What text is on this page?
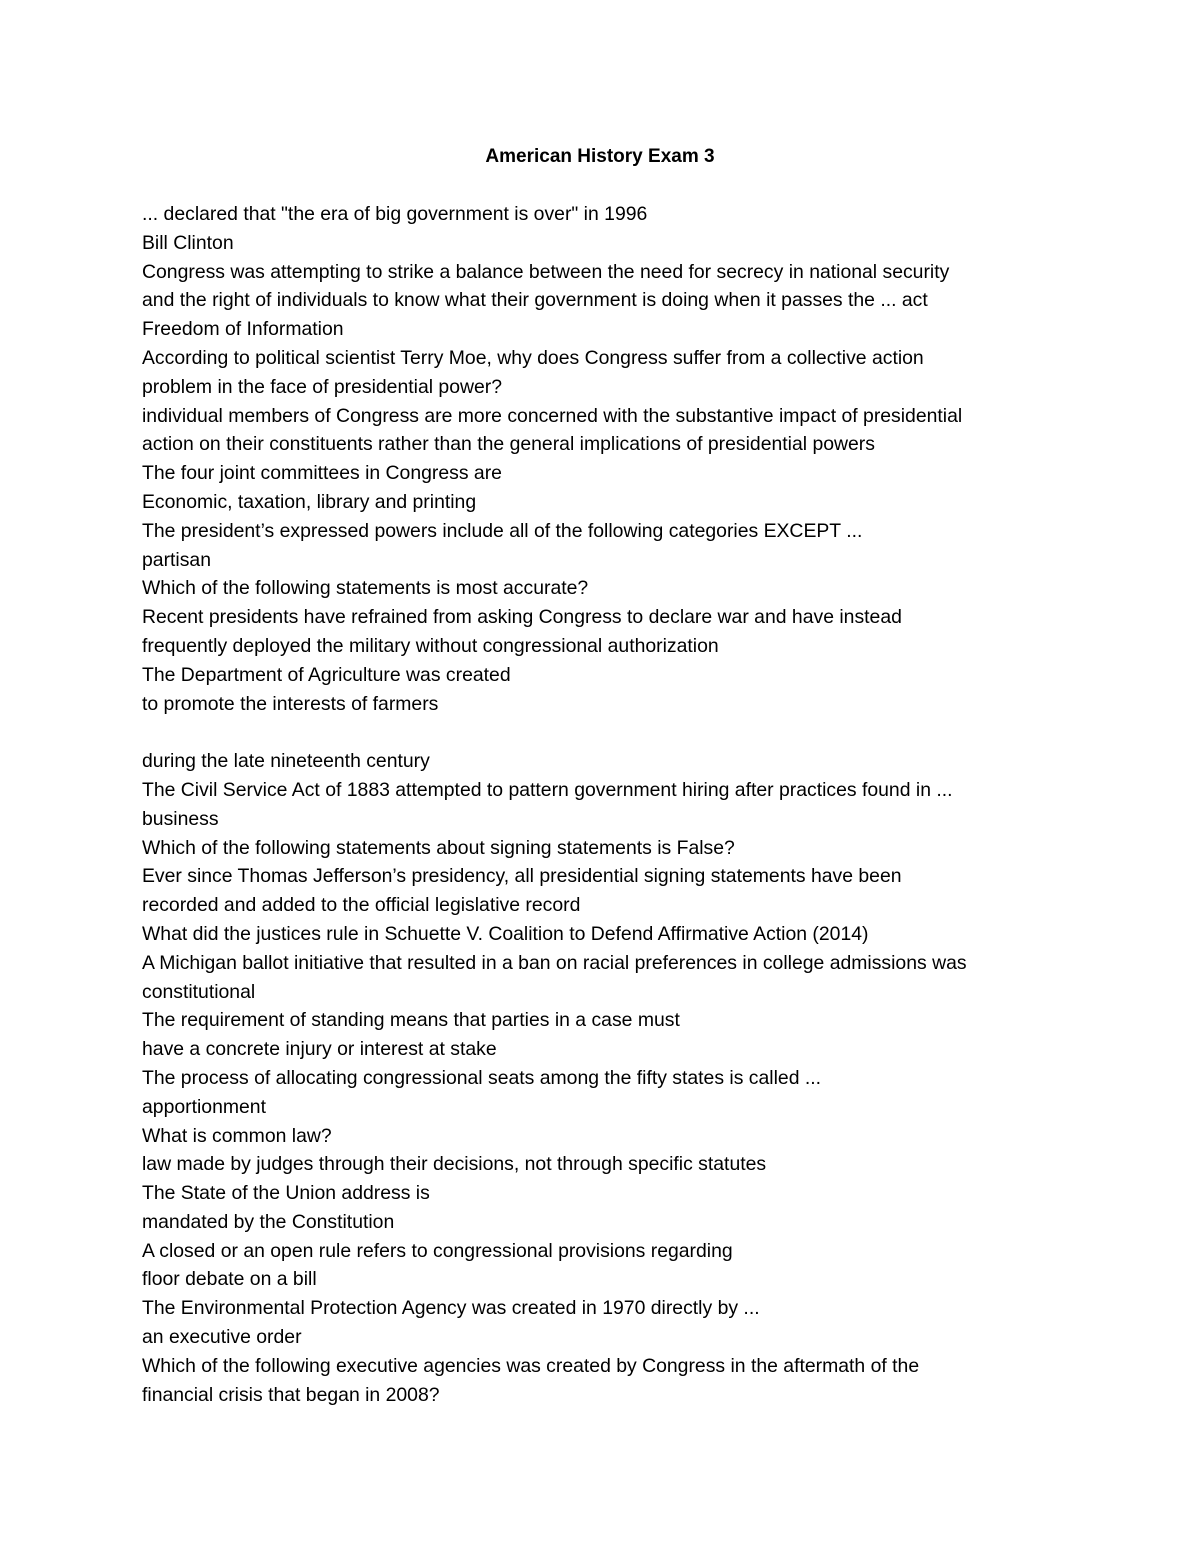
American History Exam 3
... declared that "the era of big government is over" in 1996
Bill Clinton
Congress was attempting to strike a balance between the need for secrecy in national security
and the right of individuals to know what their government is doing when it passes the ... act
Freedom of Information
According to political scientist Terry Moe, why does Congress suffer from a collective action
problem in the face of presidential power?
individual members of Congress are more concerned with the substantive impact of presidential
action on their constituents rather than the general implications of presidential powers
The four joint committees in Congress are
Economic, taxation, library and printing
The president’s expressed powers include all of the following categories EXCEPT ...
partisan
Which of the following statements is most accurate?
Recent presidents have refrained from asking Congress to declare war and have instead
frequently deployed the military without congressional authorization
The Department of Agriculture was created
to promote the interests of farmers
during the late nineteenth century
The Civil Service Act of 1883 attempted to pattern government hiring after practices found in ...
business
Which of the following statements about signing statements is False?
Ever since Thomas Jefferson’s presidency, all presidential signing statements have been
recorded and added to the official legislative record
What did the justices rule in Schuette V. Coalition to Defend Affirmative Action (2014)
A Michigan ballot initiative that resulted in a ban on racial preferences in college admissions was
constitutional
The requirement of standing means that parties in a case must
have a concrete injury or interest at stake
The process of allocating congressional seats among the fifty states is called ...
apportionment
What is common law?
law made by judges through their decisions, not through specific statutes
The State of the Union address is
mandated by the Constitution
A closed or an open rule refers to congressional provisions regarding
floor debate on a bill
The Environmental Protection Agency was created in 1970 directly by ...
an executive order
Which of the following executive agencies was created by Congress in the aftermath of the
financial crisis that began in 2008?
